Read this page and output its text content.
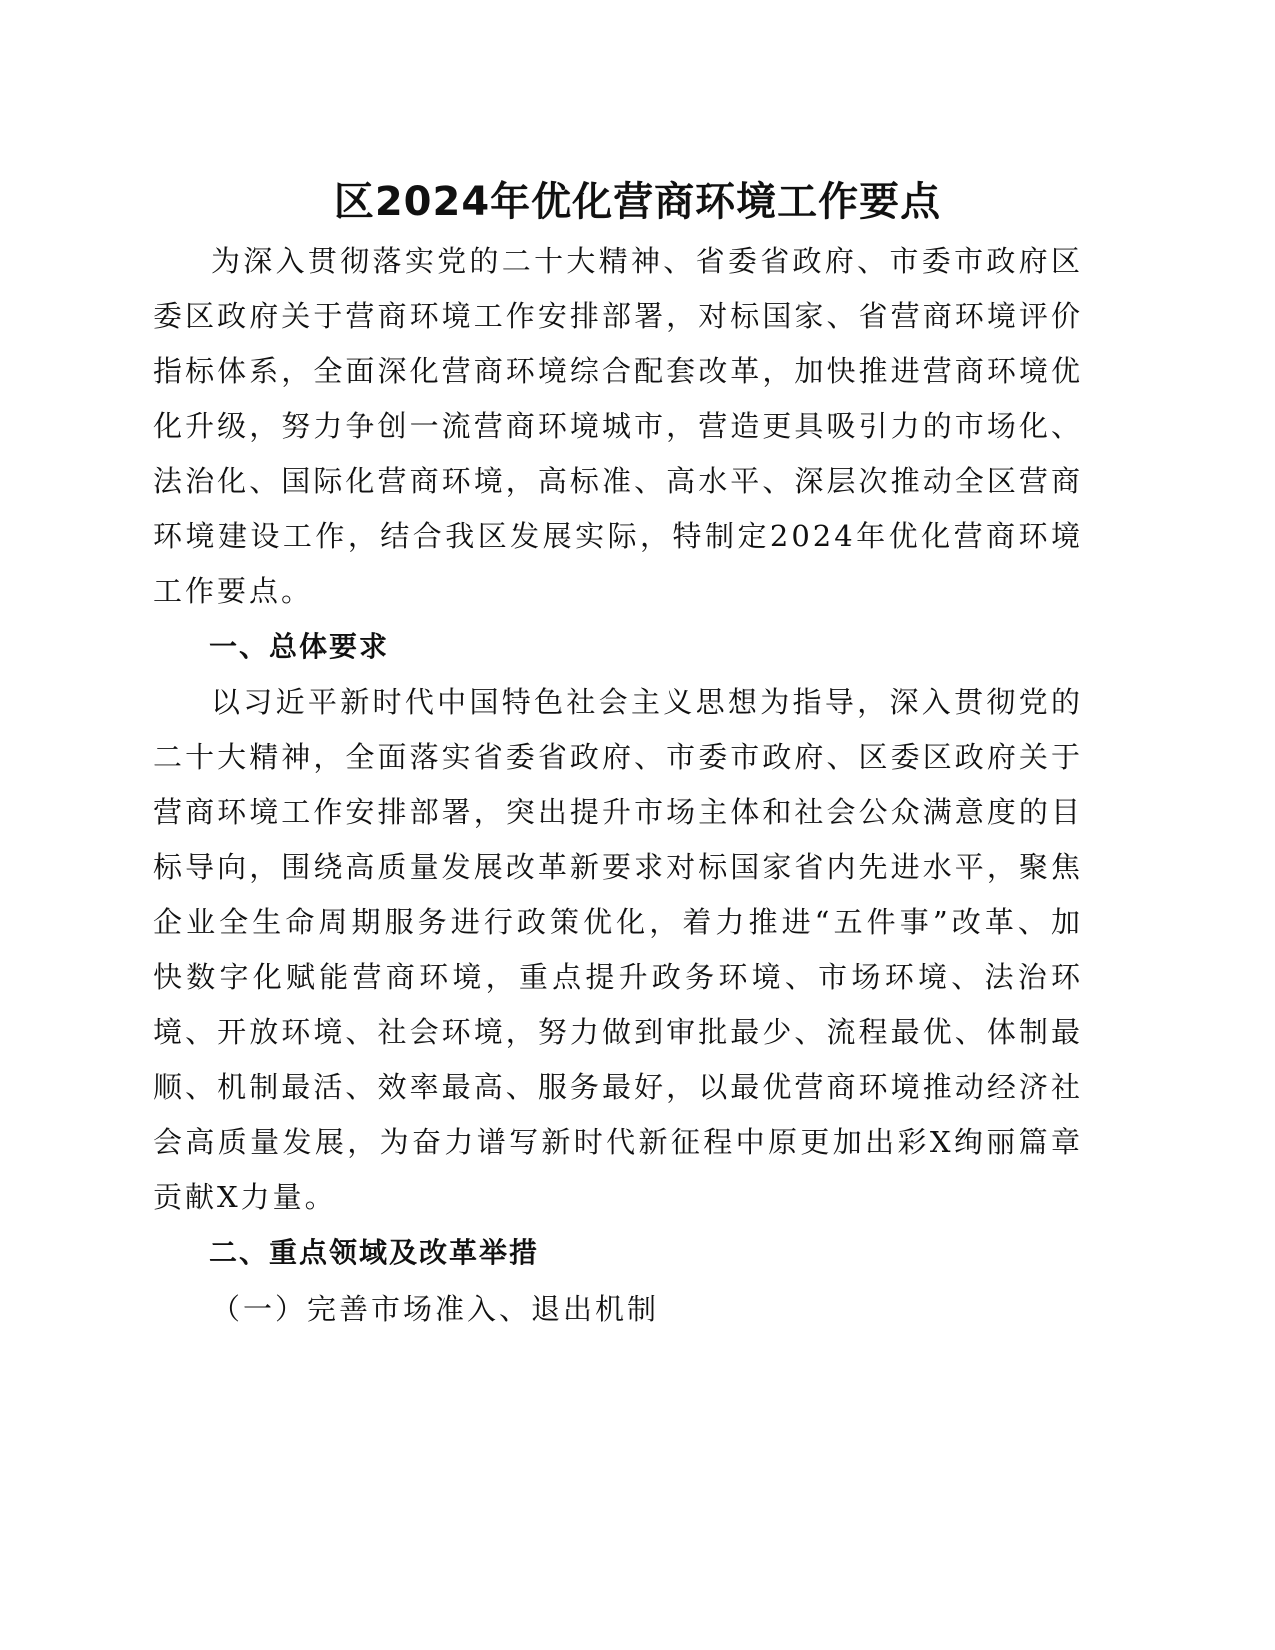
区2024年优化营商环境工作要点

为深入贯彻落实党的二十大精神、省委省政府、市委市政府区委区政府关于营商环境工作安排部署，对标国家、省营商环境评价指标体系，全面深化营商环境综合配套改革，加快推进营商环境优化升级，努力争创一流营商环境城市，营造更具吸引力的市场化、法治化、国际化营商环境，高标准、高水平、深层次推动全区营商环境建设工作，结合我区发展实际，特制定2024年优化营商环境工作要点。

一、总体要求

以习近平新时代中国特色社会主义思想为指导，深入贯彻党的二十大精神，全面落实省委省政府、市委市政府、区委区政府关于营商环境工作安排部署，突出提升市场主体和社会公众满意度的目标导向，围绕高质量发展改革新要求对标国家省内先进水平，聚焦企业全生命周期服务进行政策优化，着力推进“五件事”改革、加快数字化赋能营商环境，重点提升政务环境、市场环境、法治环境、开放环境、社会环境，努力做到审批最少、流程最优、体制最顺、机制最活、效率最高、服务最好，以最优营商环境推动经济社会高质量发展，为奋力谱写新时代新征程中原更加出彩X绚丽篇章贡献X力量。

二、重点领域及改革举措

（一）完善市场准入、退出机制
